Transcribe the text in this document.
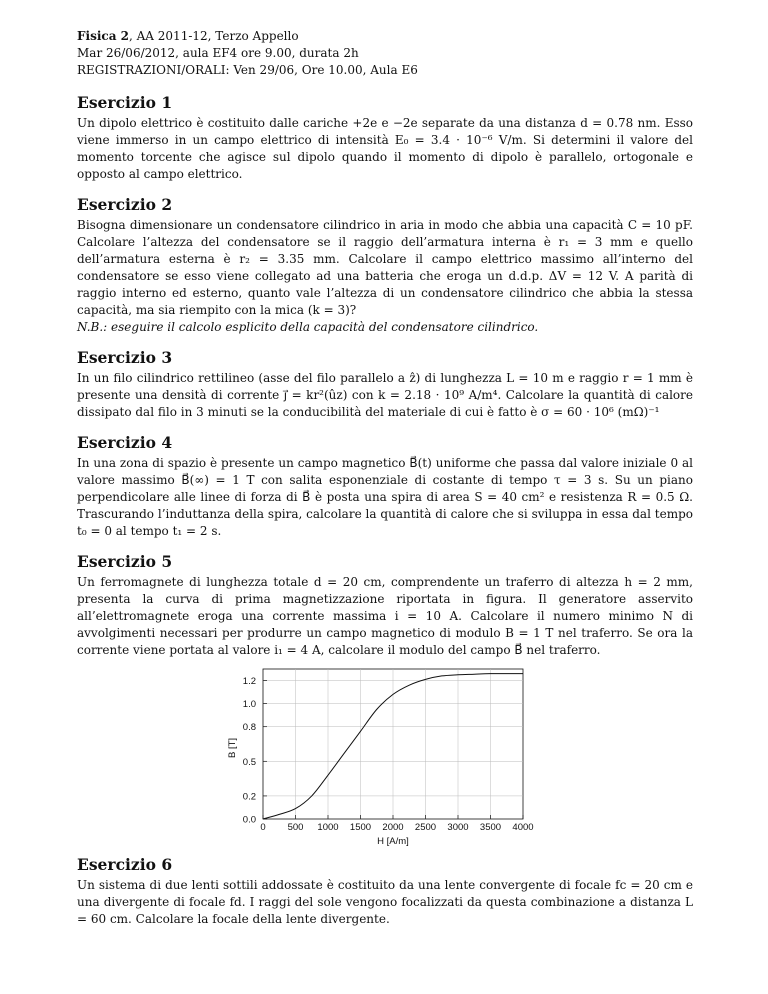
Fisica 2, AA 2011-12, Terzo Appello
Mar 26/06/2012, aula EF4 ore 9.00, durata 2h
REGISTRAZIONI/ORALI: Ven 29/06, Ore 10.00, Aula E6
Esercizio 1

Un dipolo elettrico è costituito dalle cariche +2e e −2e separate da una distanza d = 0.78 nm. Esso viene immerso in un campo elettrico di intensità E₀ = 3.4 · 10⁻⁶ V/m. Si determini il valore del momento torcente che agisce sul dipolo quando il momento di dipolo è parallelo, ortogonale e opposto al campo elettrico.

Esercizio 2

Bisogna dimensionare un condensatore cilindrico in aria in modo che abbia una capacità C = 10 pF. Calcolare l’altezza del condensatore se il raggio dell’armatura interna è r₁ = 3 mm e quello dell’armatura esterna è r₂ = 3.35 mm. Calcolare il campo elettrico massimo all’interno del condensatore se esso viene collegato ad una batteria che eroga un d.d.p. ΔV = 12 V. A parità di raggio interno ed esterno, quanto vale l’altezza di un condensatore cilindrico che abbia la stessa capacità, ma sia riempito con la mica (k = 3)?

N.B.: eseguire il calcolo esplicito della capacità del condensatore cilindrico.

Esercizio 3

In un filo cilindrico rettilineo (asse del filo parallelo a ẑ) di lunghezza L = 10 m e raggio r = 1 mm è presente una densità di corrente j⃗ = kr²(ûz) con k = 2.18 · 10⁹ A/m⁴. Calcolare la quantità di calore dissipato dal filo in 3 minuti se la conducibilità del materiale di cui è fatto è σ = 60 · 10⁶ (mΩ)⁻¹

Esercizio 4

In una zona di spazio è presente un campo magnetico B⃗(t) uniforme che passa dal valore iniziale 0 al valore massimo B⃗(∞) = 1 T con salita esponenziale di costante di tempo τ = 3 s. Su un piano perpendicolare alle linee di forza di B⃗ è posta una spira di area S = 40 cm² e resistenza R = 0.5 Ω. Trascurando l’induttanza della spira, calcolare la quantità di calore che si sviluppa in essa dal tempo t₀ = 0 al tempo t₁ = 2 s.

Esercizio 5

Un ferromagnete di lunghezza totale d = 20 cm, comprendente un traferro di altezza h = 2 mm, presenta la curva di prima magnetizzazione riportata in figura. Il generatore asservito all’elettromagnete eroga una corrente massima i = 10 A. Calcolare il numero minimo N di avvolgimenti necessari per produrre un campo magnetico di modulo B = 1 T nel traferro. Se ora la corrente viene portata al valore i₁ = 4 A, calcolare il modulo del campo B⃗ nel traferro.

0.0
0.2
0.5
0.8
1.0
1.2
0 500 1000 1500 2000 2500 3000 3500 4000
H [A/m]
B [T]
Esercizio 6

Un sistema di due lenti sottili addossate è costituito da una lente convergente di focale fc = 20 cm e una divergente di focale fd. I raggi del sole vengono focalizzati da questa combinazione a distanza L = 60 cm. Calcolare la focale della lente divergente.
